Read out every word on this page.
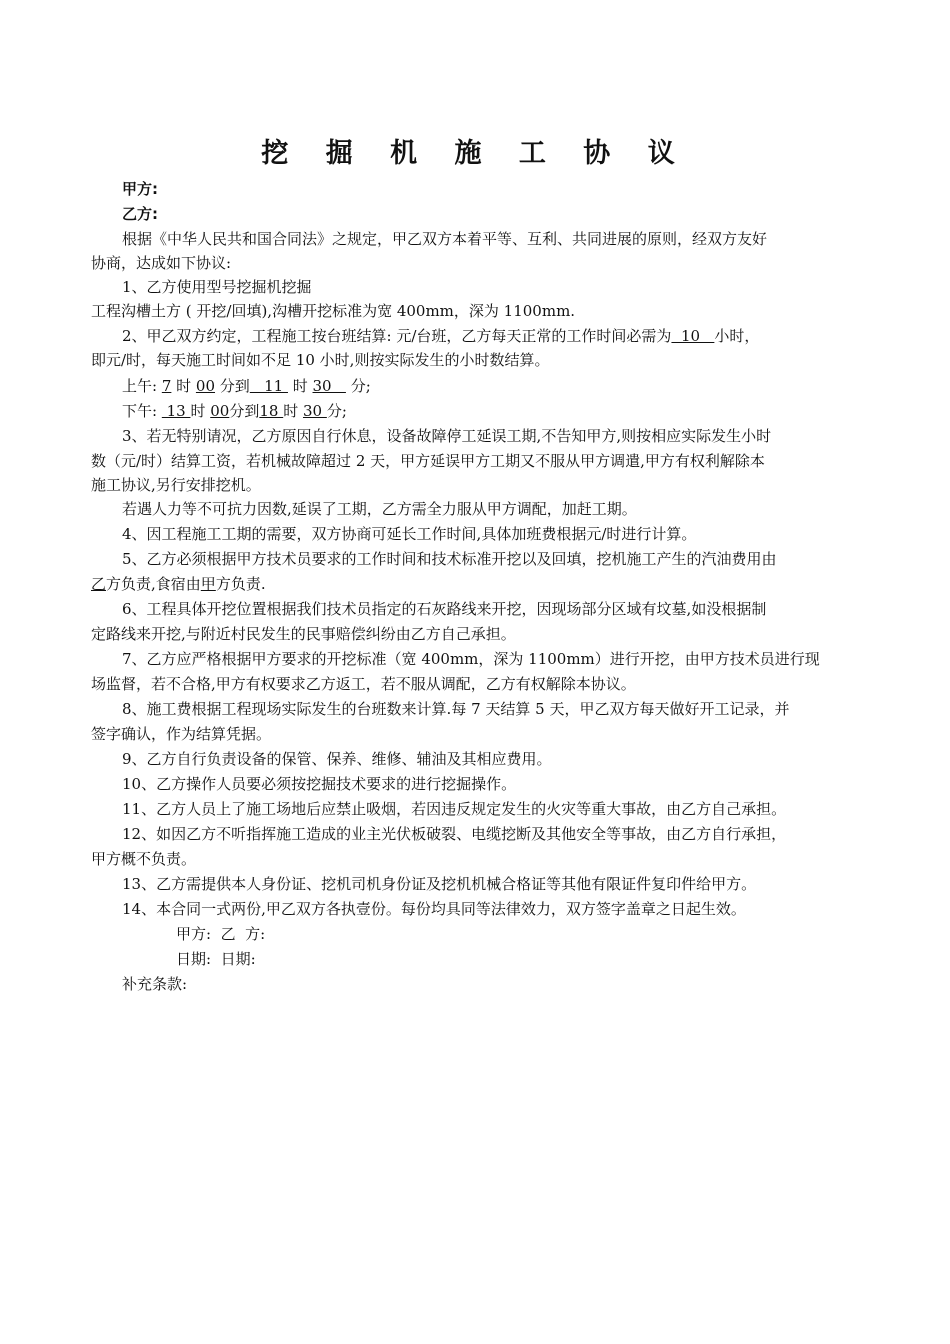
挖 掘 机 施 工 协 议
甲方:
乙方:
根据《中华人民共和国合同法》之规定，甲乙双方本着平等、互利、共同进展的原则，经双方友好
协商，达成如下协议:
1、乙方使用型号挖掘机挖掘
工程沟槽土方 ( 开挖/回填),沟槽开挖标准为宽 400mm，深为 1100mm.
2、甲乙双方约定，工程施工按台班结算: 元/台班，乙方每天正常的工作时间必需为  10   小时，
即元/时，每天施工时间如不足 10 小时,则按实际发生的小时数结算。
上午: 7 时 00 分到   11  时 30    分;
下午:  13 时 00分到18 时 30 分;
3、若无特别请况，乙方原因自行休息，设备故障停工延误工期,不告知甲方,则按相应实际发生小时
数（元/时）结算工资，若机械故障超过 2 天，甲方延误甲方工期又不服从甲方调遣,甲方有权利解除本
施工协议,另行安排挖机。
若遇人力等不可抗力因数,延误了工期，乙方需全力服从甲方调配，加赶工期。
4、因工程施工工期的需要，双方协商可延长工作时间,具体加班费根据元/时进行计算。
5、乙方必须根据甲方技术员要求的工作时间和技术标准开挖以及回填，挖机施工产生的汽油费用由
乙方负责,食宿由甲方负责.
6、工程具体开挖位置根据我们技术员指定的石灰路线来开挖，因现场部分区域有坟墓,如没根据制
定路线来开挖,与附近村民发生的民事赔偿纠纷由乙方自己承担。
7、乙方应严格根据甲方要求的开挖标准（宽 400mm，深为 1100mm）进行开挖，由甲方技术员进行现
场监督，若不合格,甲方有权要求乙方返工，若不服从调配，乙方有权解除本协议。
8、施工费根据工程现场实际发生的台班数来计算.每 7 天结算 5 天，甲乙双方每天做好开工记录，并
签字确认，作为结算凭据。
9、乙方自行负责设备的保管、保养、维修、辅油及其相应费用。
10、乙方操作人员要必须按挖掘技术要求的进行挖掘操作。
11、乙方人员上了施工场地后应禁止吸烟，若因违反规定发生的火灾等重大事故，由乙方自己承担。
12、如因乙方不听指挥施工造成的业主光伏板破裂、电缆挖断及其他安全等事故，由乙方自行承担，
甲方概不负责。
13、乙方需提供本人身份证、挖机司机身份证及挖机机械合格证等其他有限证件复印件给甲方。
14、本合同一式两份,甲乙双方各执壹份。每份均具同等法律效力，双方签字盖章之日起生效。
甲方:  乙  方:
日期:  日期:
补充条款:
